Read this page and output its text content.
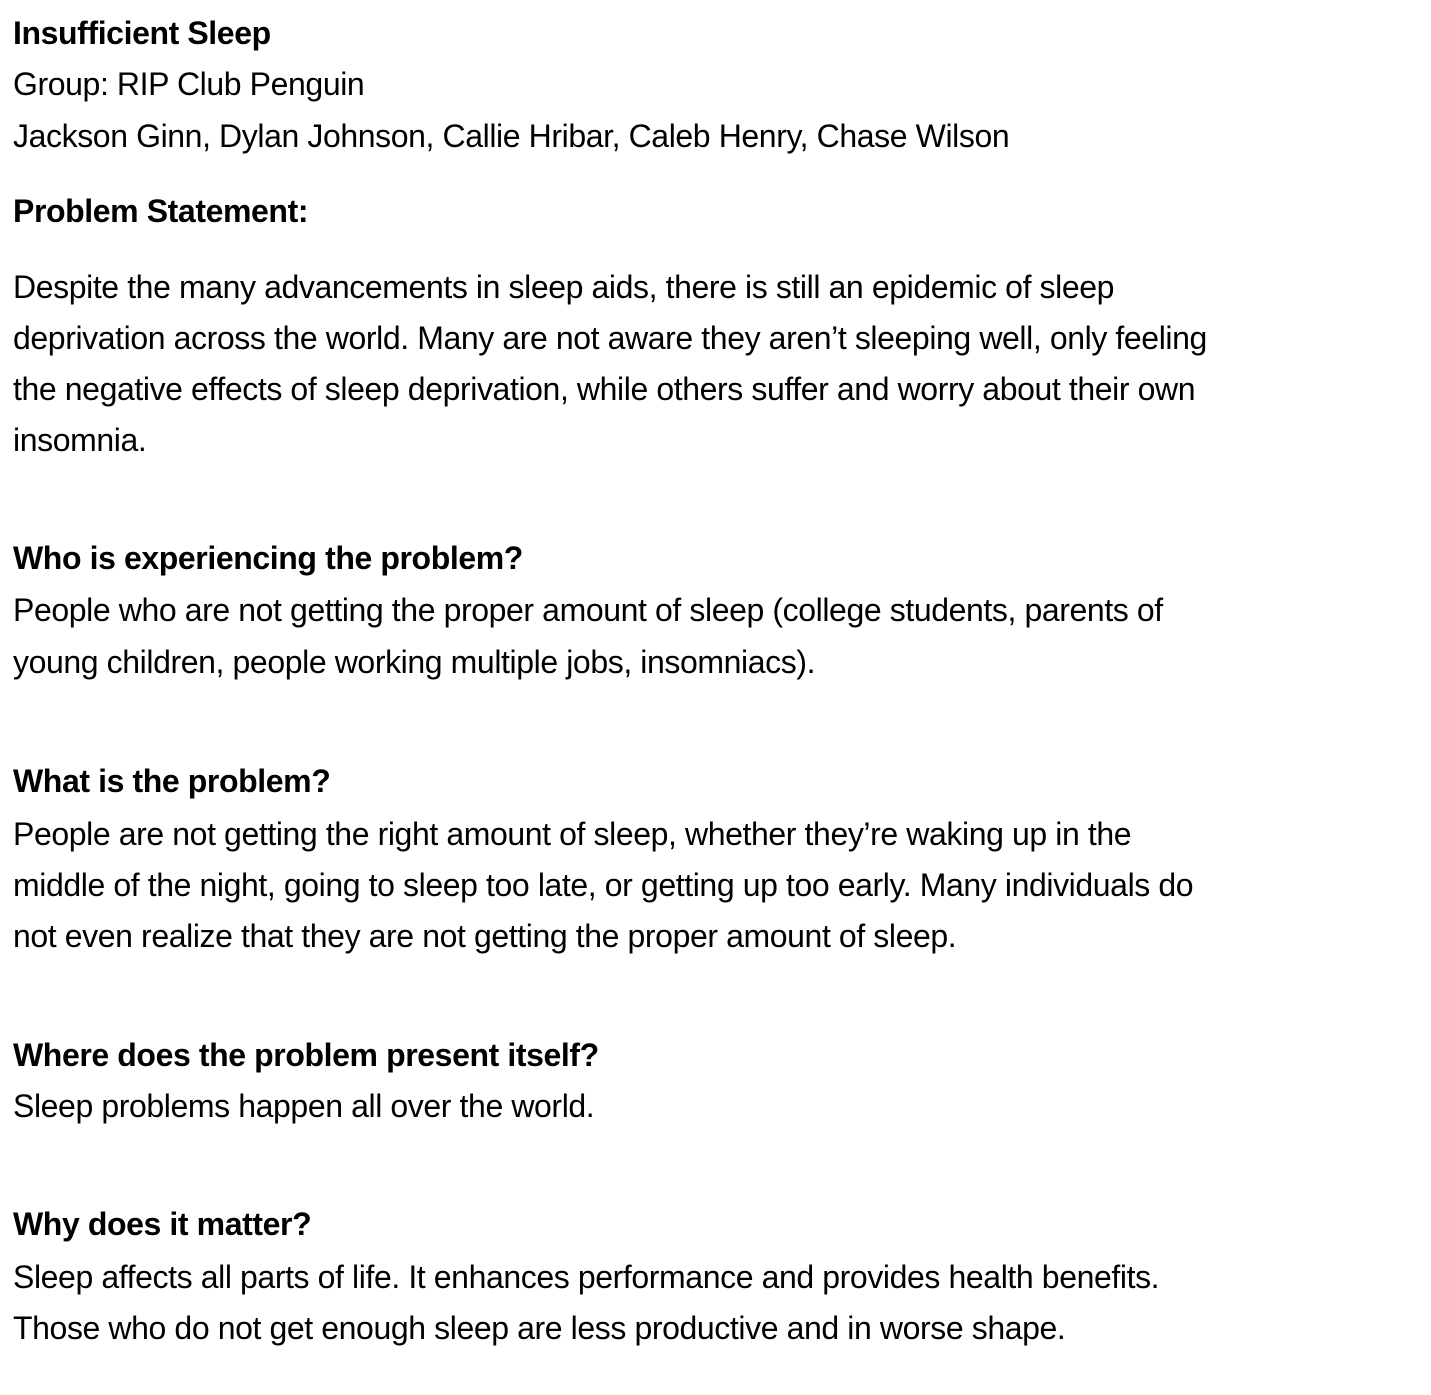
Insufficient Sleep

Group: RIP Club Penguin

Jackson Ginn, Dylan Johnson, Callie Hribar, Caleb Henry, Chase Wilson

Problem Statement:

Despite the many advancements in sleep aids, there is still an epidemic of sleep

deprivation across the world. Many are not aware they aren’t sleeping well, only feeling

the negative effects of sleep deprivation, while others suffer and worry about their own

insomnia.

Who is experiencing the problem?

People who are not getting the proper amount of sleep (college students, parents of

young children, people working multiple jobs, insomniacs).

What is the problem?

People are not getting the right amount of sleep, whether they’re waking up in the

middle of the night, going to sleep too late, or getting up too early. Many individuals do

not even realize that they are not getting the proper amount of sleep.

Where does the problem present itself?

Sleep problems happen all over the world.

Why does it matter?

Sleep affects all parts of life. It enhances performance and provides health benefits.

Those who do not get enough sleep are less productive and in worse shape.
